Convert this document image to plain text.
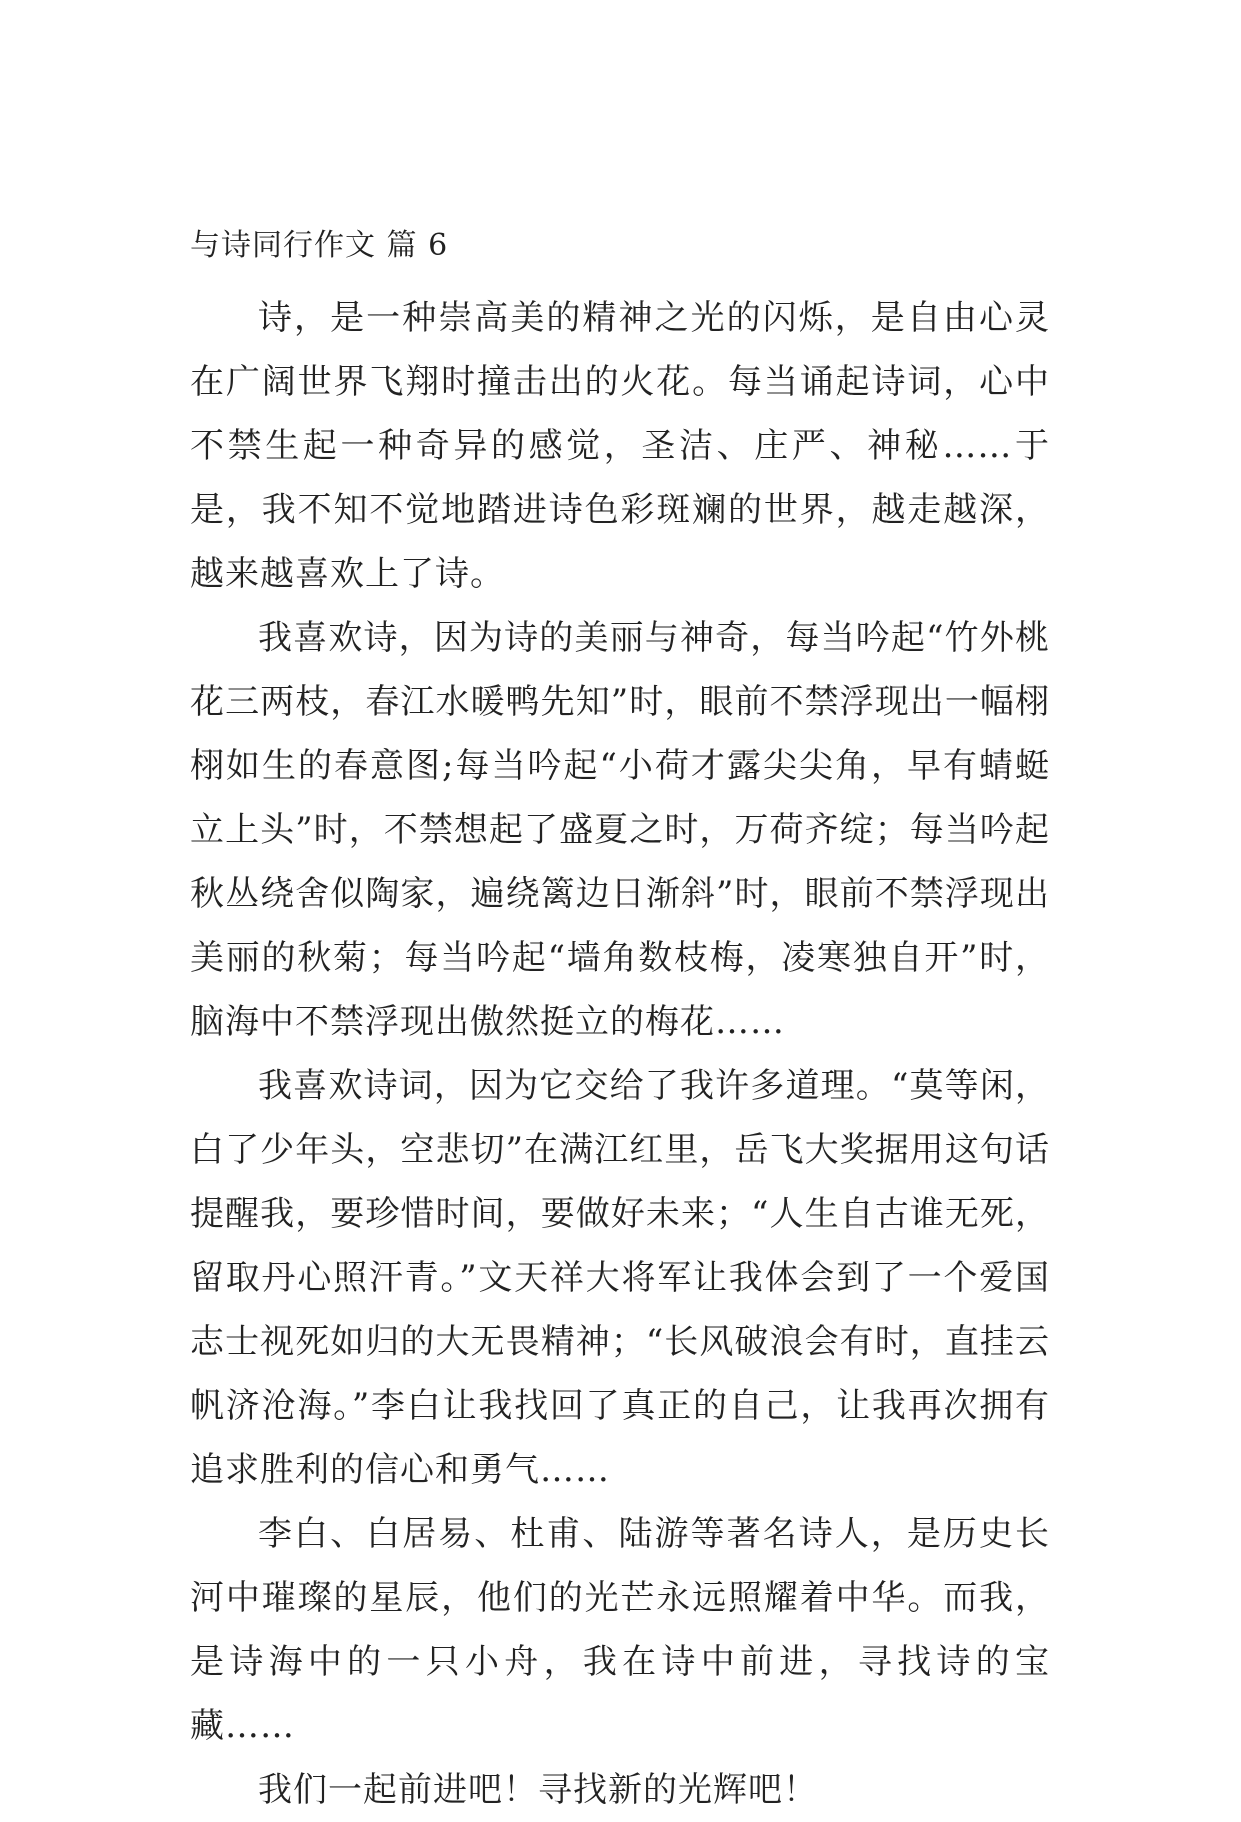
与诗同行作文 篇 6

诗，是一种崇高美的精神之光的闪烁，是自由心灵在广阔世界飞翔时撞击出的火花。每当诵起诗词，心中不禁生起一种奇异的感觉，圣洁、庄严、神秘……于是，我不知不觉地踏进诗色彩斑斓的世界，越走越深，越来越喜欢上了诗。

我喜欢诗，因为诗的美丽与神奇，每当吟起“竹外桃花三两枝，春江水暖鸭先知”时，眼前不禁浮现出一幅栩栩如生的春意图;每当吟起“小荷才露尖尖角，早有蜻蜓立上头”时，不禁想起了盛夏之时，万荷齐绽；每当吟起秋丛绕舍似陶家，遍绕篱边日渐斜”时，眼前不禁浮现出美丽的秋菊；每当吟起“墙角数枝梅，凌寒独自开”时，脑海中不禁浮现出傲然挺立的梅花……

我喜欢诗词，因为它交给了我许多道理。“莫等闲，白了少年头，空悲切”在满江红里，岳飞大奖据用这句话提醒我，要珍惜时间，要做好未来；“人生自古谁无死，留取丹心照汗青。”文天祥大将军让我体会到了一个爱国志士视死如归的大无畏精神；“长风破浪会有时，直挂云帆济沧海。”李白让我找回了真正的自己，让我再次拥有追求胜利的信心和勇气……

李白、白居易、杜甫、陆游等著名诗人，是历史长河中璀璨的星辰，他们的光芒永远照耀着中华。而我，是诗海中的一只小舟，我在诗中前进，寻找诗的宝藏……

我们一起前进吧！寻找新的光辉吧！
